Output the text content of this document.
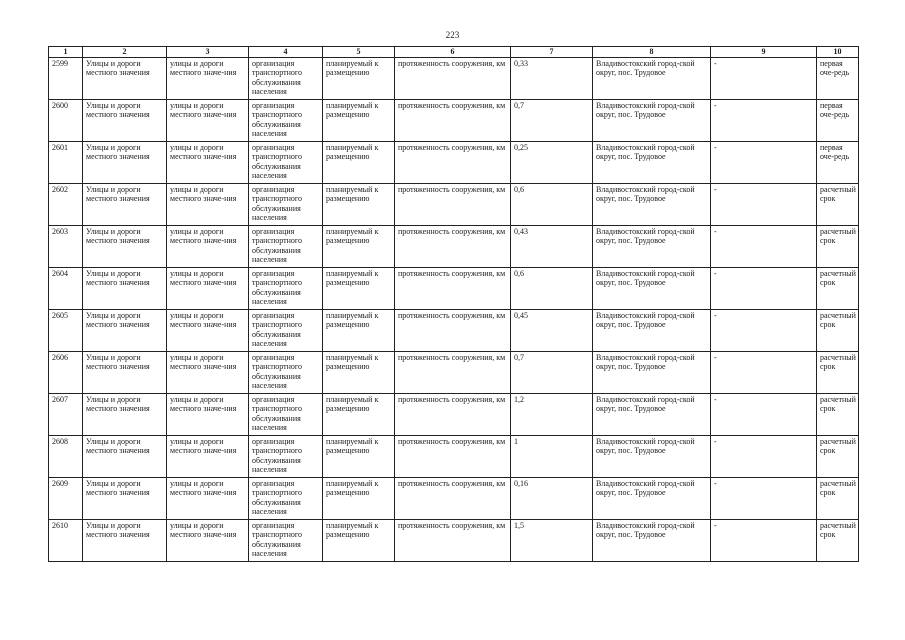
223
1	2	3	4	5	6	7	8	9	10
2599	Улицы и дороги местного значения	улицы и дороги местного значе-ния	организация транспортного обслуживания населения	планируемый к размещению	протяженность сооружения, км	0,33	Владивостокский город-ской округ, пос. Трудовое	-	первая оче-редь
2600	Улицы и дороги местного значения	улицы и дороги местного значе-ния	организация транспортного обслуживания населения	планируемый к размещению	протяженность сооружения, км	0,7	Владивостокский город-ской округ, пос. Трудовое	-	первая оче-редь
2601	Улицы и дороги местного значения	улицы и дороги местного значе-ния	организация транспортного обслуживания населения	планируемый к размещению	протяженность сооружения, км	0,25	Владивостокский город-ской округ, пос. Трудовое	-	первая оче-редь
2602	Улицы и дороги местного значения	улицы и дороги местного значе-ния	организация транспортного обслуживания населения	планируемый к размещению	протяженность сооружения, км	0,6	Владивостокский город-ской округ, пос. Трудовое	-	расчетный срок
2603	Улицы и дороги местного значения	улицы и дороги местного значе-ния	организация транспортного обслуживания населения	планируемый к размещению	протяженность сооружения, км	0,43	Владивостокский город-ской округ, пос. Трудовое	-	расчетный срок
2604	Улицы и дороги местного значения	улицы и дороги местного значе-ния	организация транспортного обслуживания населения	планируемый к размещению	протяженность сооружения, км	0,6	Владивостокский город-ской округ, пос. Трудовое	-	расчетный срок
2605	Улицы и дороги местного значения	улицы и дороги местного значе-ния	организация транспортного обслуживания населения	планируемый к размещению	протяженность сооружения, км	0,45	Владивостокский город-ской округ, пос. Трудовое	-	расчетный срок
2606	Улицы и дороги местного значения	улицы и дороги местного значе-ния	организация транспортного обслуживания населения	планируемый к размещению	протяженность сооружения, км	0,7	Владивостокский город-ской округ, пос. Трудовое	-	расчетный срок
2607	Улицы и дороги местного значения	улицы и дороги местного значе-ния	организация транспортного обслуживания населения	планируемый к размещению	протяженность сооружения, км	1,2	Владивостокский город-ской округ, пос. Трудовое	-	расчетный срок
2608	Улицы и дороги местного значения	улицы и дороги местного значе-ния	организация транспортного обслуживания населения	планируемый к размещению	протяженность сооружения, км	1	Владивостокский город-ской округ, пос. Трудовое	-	расчетный срок
2609	Улицы и дороги местного значения	улицы и дороги местного значе-ния	организация транспортного обслуживания населения	планируемый к размещению	протяженность сооружения, км	0,16	Владивостокский город-ской округ, пос. Трудовое	-	расчетный срок
2610	Улицы и дороги местного значения	улицы и дороги местного значе-ния	организация транспортного обслуживания населения	планируемый к размещению	протяженность сооружения, км	1,5	Владивостокский город-ской округ, пос. Трудовое	-	расчетный срок
